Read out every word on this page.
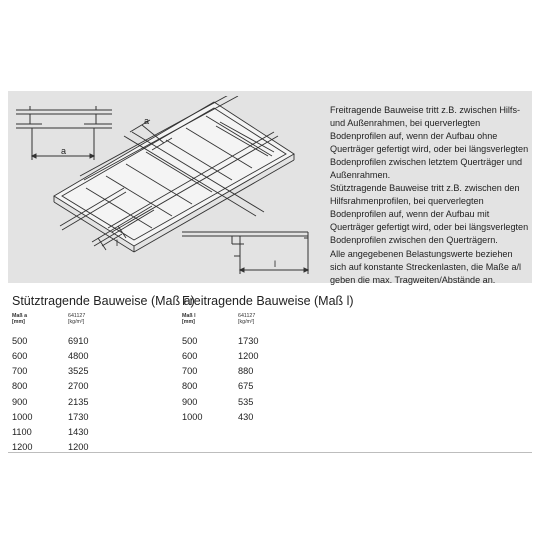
a
a
l
l

Freitragende Bauweise tritt z.B. zwischen Hilfs- und Außenrahmen, bei querverlegten Bodenprofilen auf, wenn der Aufbau ohne Querträger gefertigt wird, oder bei längsverlegten Bodenprofilen zwischen letztem Querträger und Außenrahmen.

Stütztragende Bauweise tritt z.B. zwischen den Hilfsrahmenprofilen, bei querverlegten Bodenprofilen auf, wenn der Aufbau mit Querträger gefertigt wird, oder bei längsverlegten Bodenprofilen zwischen den Querträgern.

Alle angegebenen Belastungswerte beziehen sich auf konstante Streckenlasten, die Maße a/l geben die max. Tragweiten/Abstände an.

Stütztragende Bauweise (Maß a)
Maß a
[mm]
641127
[kg/m²]
500	6910
600	4800
700	3525
800	2700
900	2135
1000	1730
1100	1430
1200	1200
Freitragende Bauweise (Maß l)
Maß l
[mm]
641127
[kg/m²]
500	1730
600	1200
700	880
800	675
900	535
1000	430
